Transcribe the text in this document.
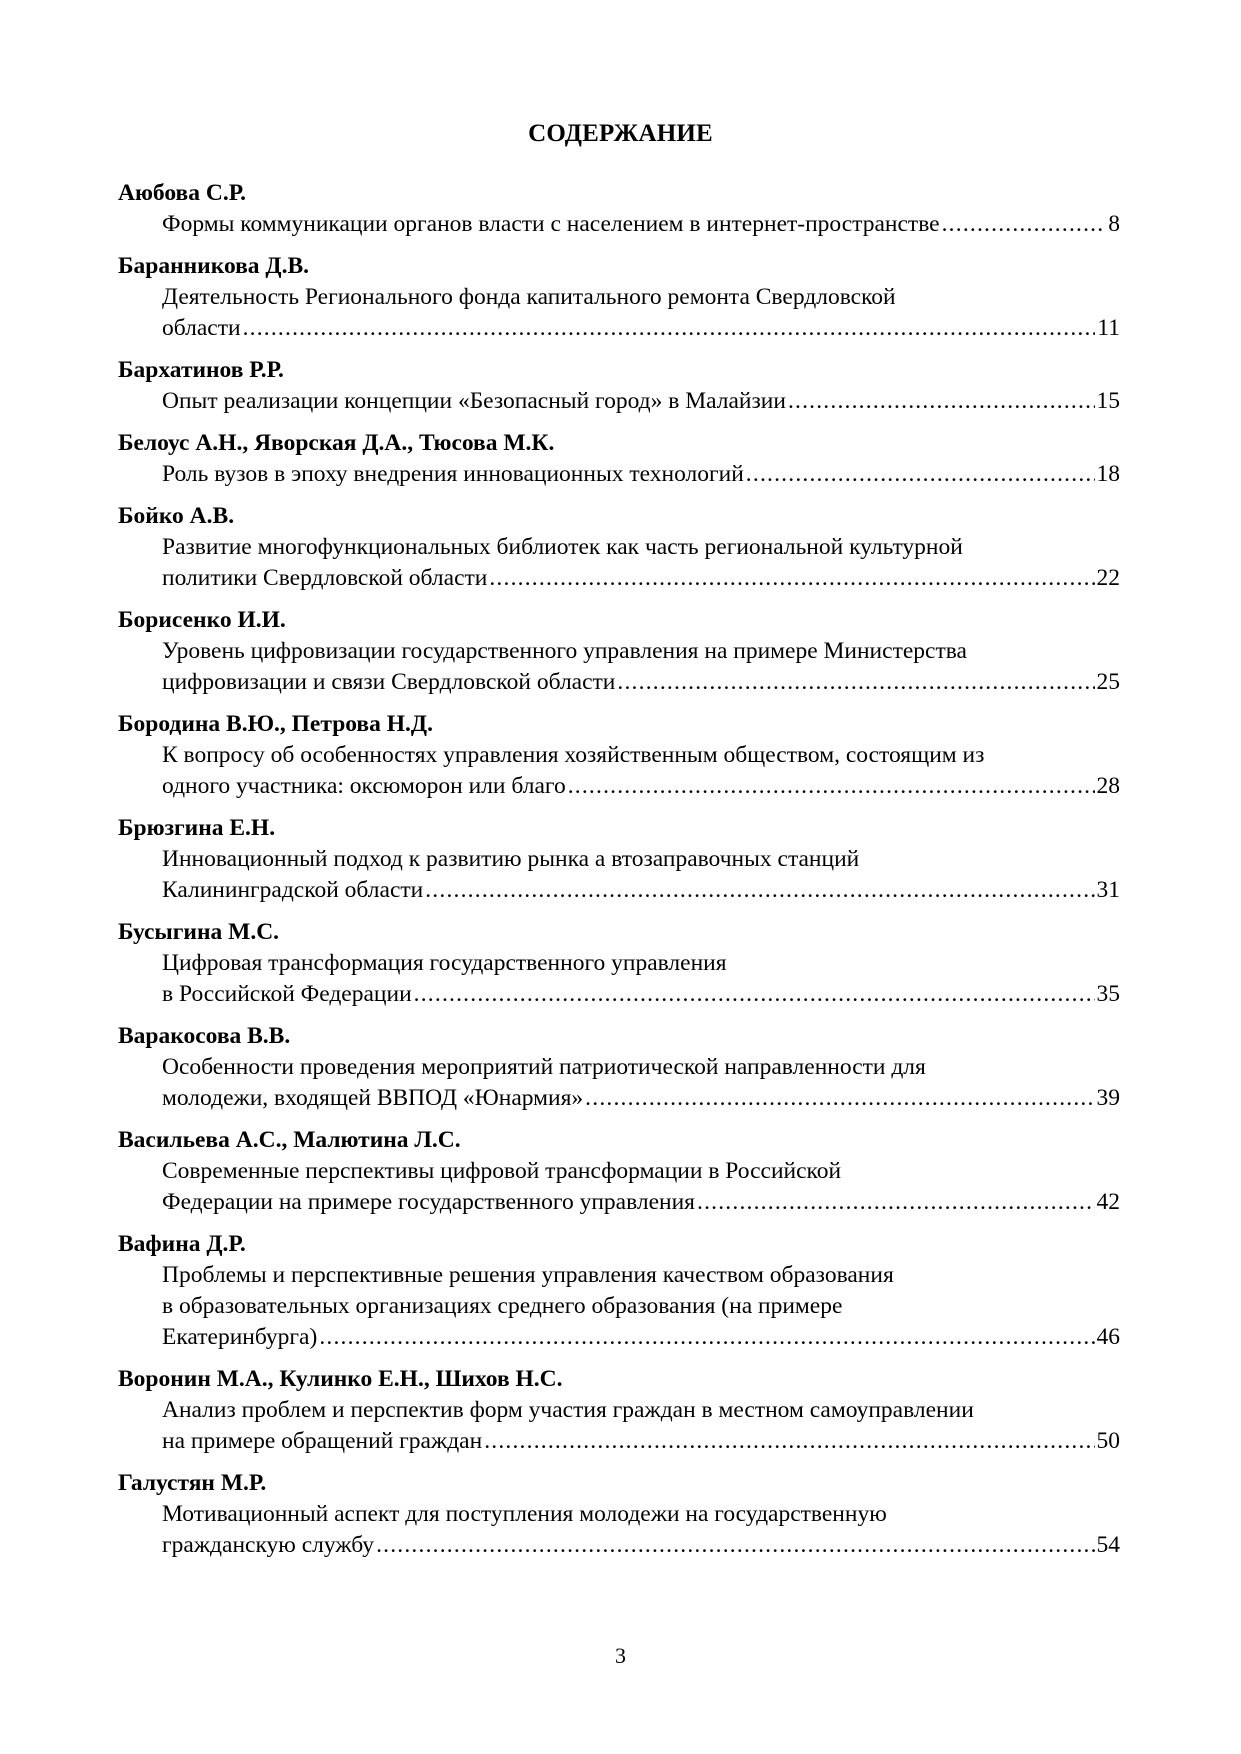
СОДЕРЖАНИЕ
Аюбова С.Р.
Формы коммуникации органов власти с населением в интернет-пространстве .....	8
Баранникова Д.В.
Деятельность Регионального фонда капитального ремонта Свердловской
области .....	11
Бархатинов Р.Р.
Опыт реализации концепции «Безопасный город» в Малайзии .....	15
Белоус А.Н., Яворская Д.А., Тюсова М.К.
Роль вузов в эпоху внедрения инновационных технологий .....	18
Бойко А.В.
Развитие многофункциональных библиотек как часть региональной культурной
политики Свердловской области .....	22
Борисенко И.И.
Уровень цифровизации государственного управления на примере Министерства
цифровизации и связи Свердловской области .....	25
Бородина В.Ю., Петрова Н.Д.
К вопросу об особенностях управления хозяйственным обществом, состоящим из
одного участника: оксюморон или благо .....	28
Брюзгина Е.Н.
Инновационный подход к развитию рынка а втозаправочных станций
Калининградской области .....	31
Бусыгина М.С.
Цифровая трансформация государственного управления
в Российской Федерации .....	35
Варакосова В.В.
Особенности проведения мероприятий патриотической направленности для
молодежи, входящей ВВПОД «Юнармия» .....	39
Васильева А.С., Малютина Л.С.
Современные перспективы цифровой трансформации в Российской
Федерации на примере государственного управления .....	42
Вафина Д.Р.
Проблемы и перспективные решения управления качеством образования
в образовательных организациях среднего образования (на примере
Екатеринбурга) .....	46
Воронин М.А., Кулинко Е.Н., Шихов Н.С.
Анализ проблем и перспектив форм участия граждан в местном самоуправлении
на примере обращений граждан .....	50
Галустян М.Р.
Мотивационный аспект для поступления молодежи на государственную
гражданскую службу .....	54
3
